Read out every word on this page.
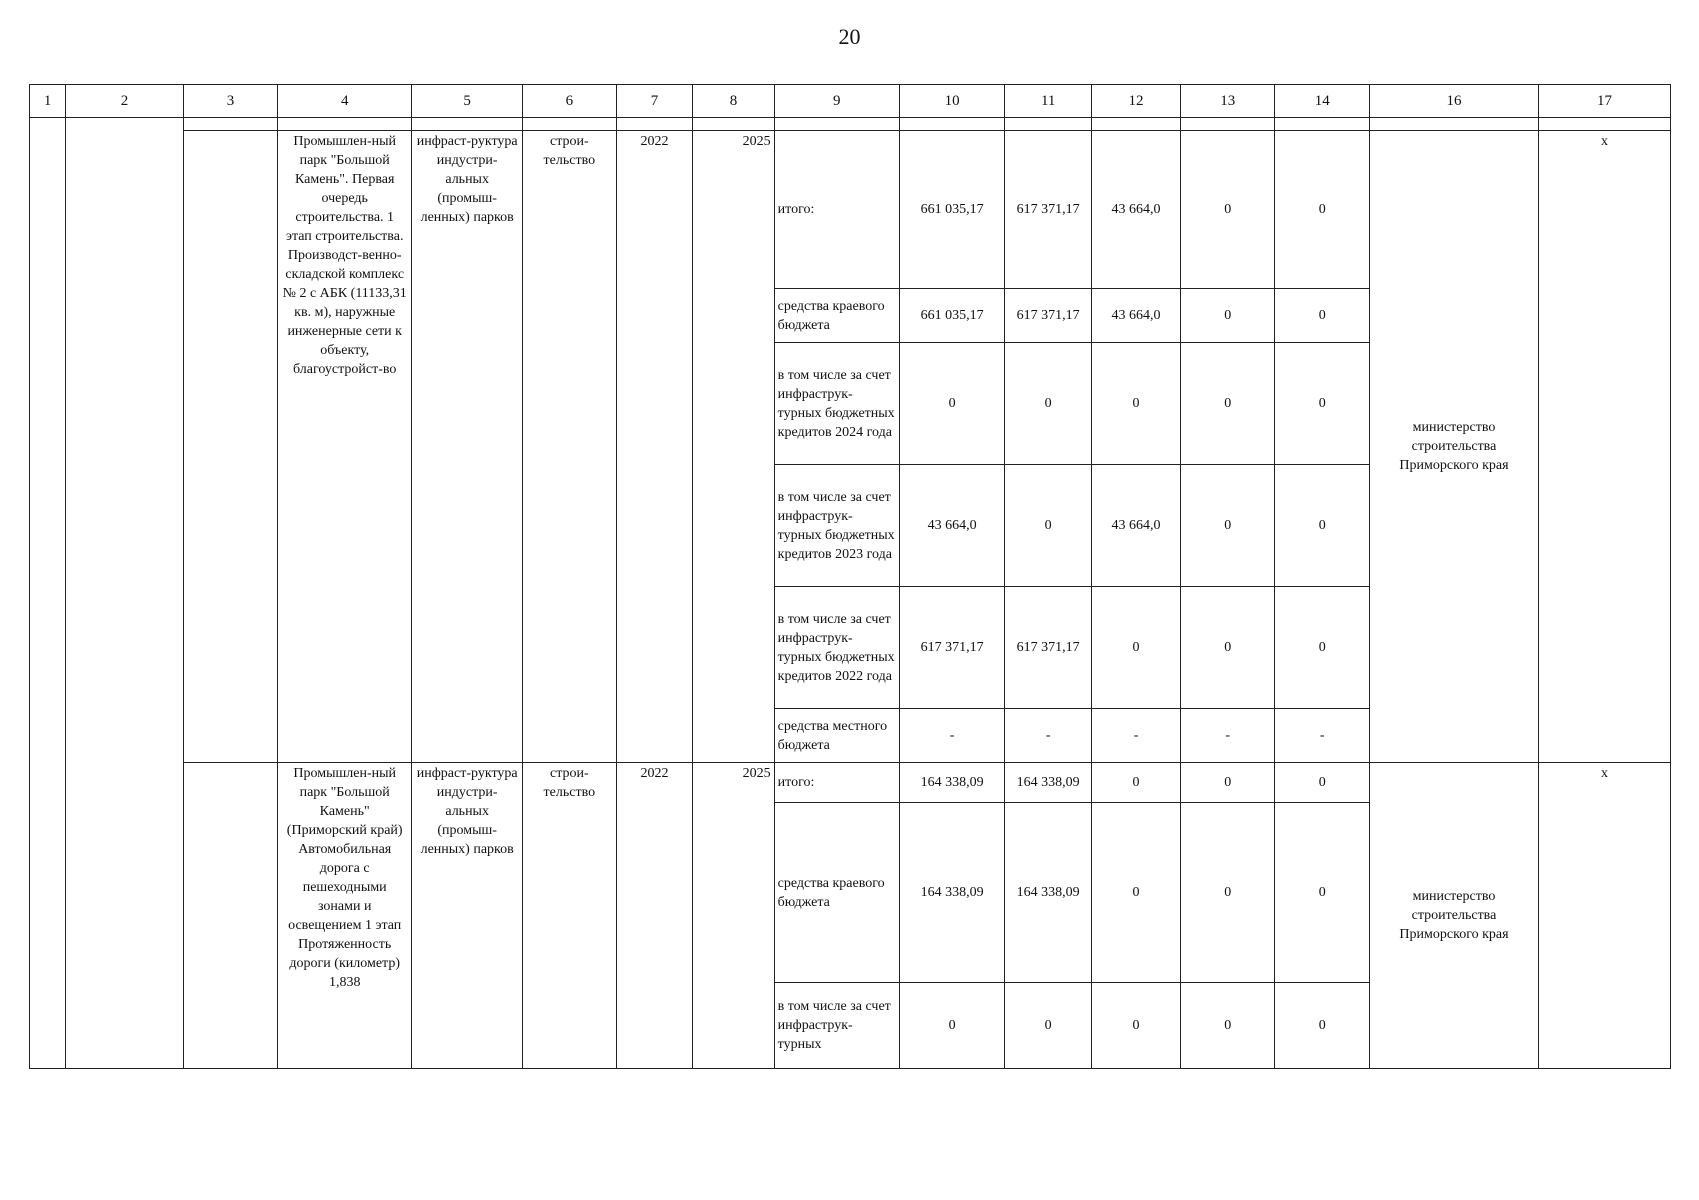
20
1	2	3	4	5	6	7	8	9	10	11	12	13	14	16	17

			Промышлен-ный парк "Большой Камень". Первая очередь строительства. 1 этап строительства. Производст-венно-складской комплекс № 2 с АБК (11133,31 кв. м), наружные инженерные сети к объекту, благоустройст-во	инфраст-руктура индустри-альных (промыш-ленных) парков	строи-тельство	2022	2025	итого:	661 035,17	617 371,17	43 664,0	0	0	министерство строительства Приморского края	x
								средства краевого бюджета	661 035,17	617 371,17	43 664,0	0	0		
								в том числе за счет инфраструк-турных бюджетных кредитов 2024 года	0	0	0	0	0		
								в том числе за счет инфраструк-турных бюджетных кредитов 2023 года	43 664,0	0	43 664,0	0	0		
								в том числе за счет инфраструк-турных бюджетных кредитов 2022 года	617 371,17	617 371,17	0	0	0		
								средства местного бюджета	-	-	-	-	-		
			Промышлен-ный парк "Большой Камень" (Приморский край) Автомобильная дорога с пешеходными зонами и освещением 1 этап Протяженность дороги (километр) 1,838	инфраст-руктура индустри-альных (промыш-ленных) парков	строи-тельство	2022	2025	итого:	164 338,09	164 338,09	0	0	0	министерство строительства Приморского края	x
								средства краевого бюджета	164 338,09	164 338,09	0	0	0		
								в том числе за счет инфраструк-турных	0	0	0	0	0		
